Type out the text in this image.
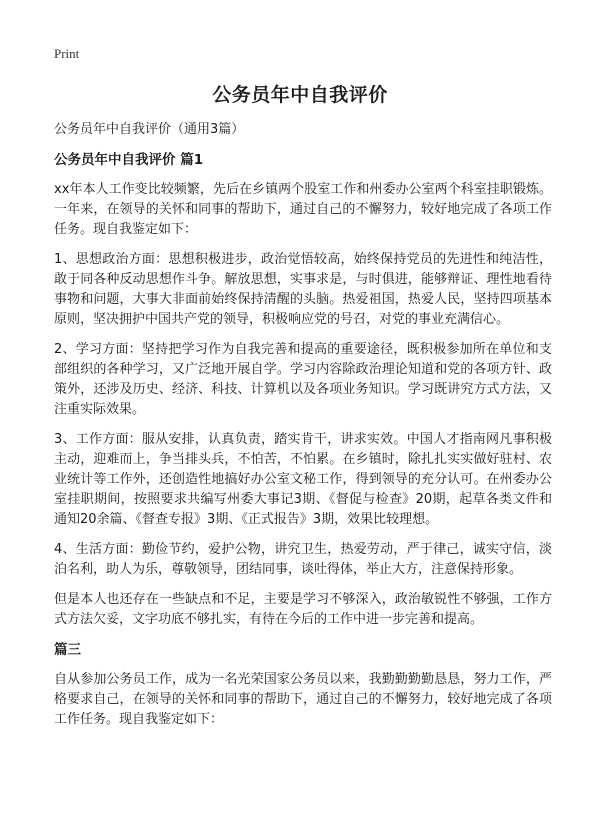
Print
公务员年中自我评价

公务员年中自我评价（通用3篇）

公务员年中自我评价 篇1

xx年本人工作变比较频繁，先后在乡镇两个股室工作和州委办公室两个科室挂职锻炼。一年来，在领导的关怀和同事的帮助下，通过自己的不懈努力，较好地完成了各项工作任务。现自我鉴定如下：

1、思想政治方面：思想积极进步，政治觉悟较高，始终保持党员的先进性和纯洁性，敢于同各种反动思想作斗争。解放思想，实事求是，与时俱进，能够辩证、理性地看待事物和问题，大事大非面前始终保持清醒的头脑。热爱祖国，热爱人民，坚持四项基本原则，坚决拥护中国共产党的领导，积极响应党的号召，对党的事业充满信心。

2、学习方面：坚持把学习作为自我完善和提高的重要途径，既积极参加所在单位和支部组织的各种学习，又广泛地开展自学。学习内容除政治理论知道和党的各项方针、政策外，还涉及历史、经济、科技、计算机以及各项业务知识。学习既讲究方式方法，又注重实际效果。

3、工作方面：服从安排，认真负责，踏实肯干，讲求实效。中国人才指南网凡事积极主动，迎难而上，争当排头兵，不怕苦，不怕累。在乡镇时，除扎扎实实做好驻村、农业统计等工作外，还创造性地搞好办公室文秘工作，得到领导的充分认可。在州委办公室挂职期间，按照要求共编写州委大事记3期、《督促与检查》20期，起草各类文件和通知20余篇、《督查专报》3期、《正式报告》3期，效果比较理想。

4、生活方面：勤俭节约，爱护公物，讲究卫生，热爱劳动，严于律己，诚实守信，淡泊名利，助人为乐，尊敬领导，团结同事，谈吐得体，举止大方，注意保持形象。

但是本人也还存在一些缺点和不足，主要是学习不够深入，政治敏锐性不够强，工作方式方法欠妥，文字功底不够扎实，有待在今后的工作中进一步完善和提高。

篇三

自从参加公务员工作，成为一名光荣国家公务员以来，我勤勤勤勤恳恳，努力工作，严格要求自己，在领导的关怀和同事的帮助下，通过自己的不懈努力，较好地完成了各项工作任务。现自我鉴定如下：
